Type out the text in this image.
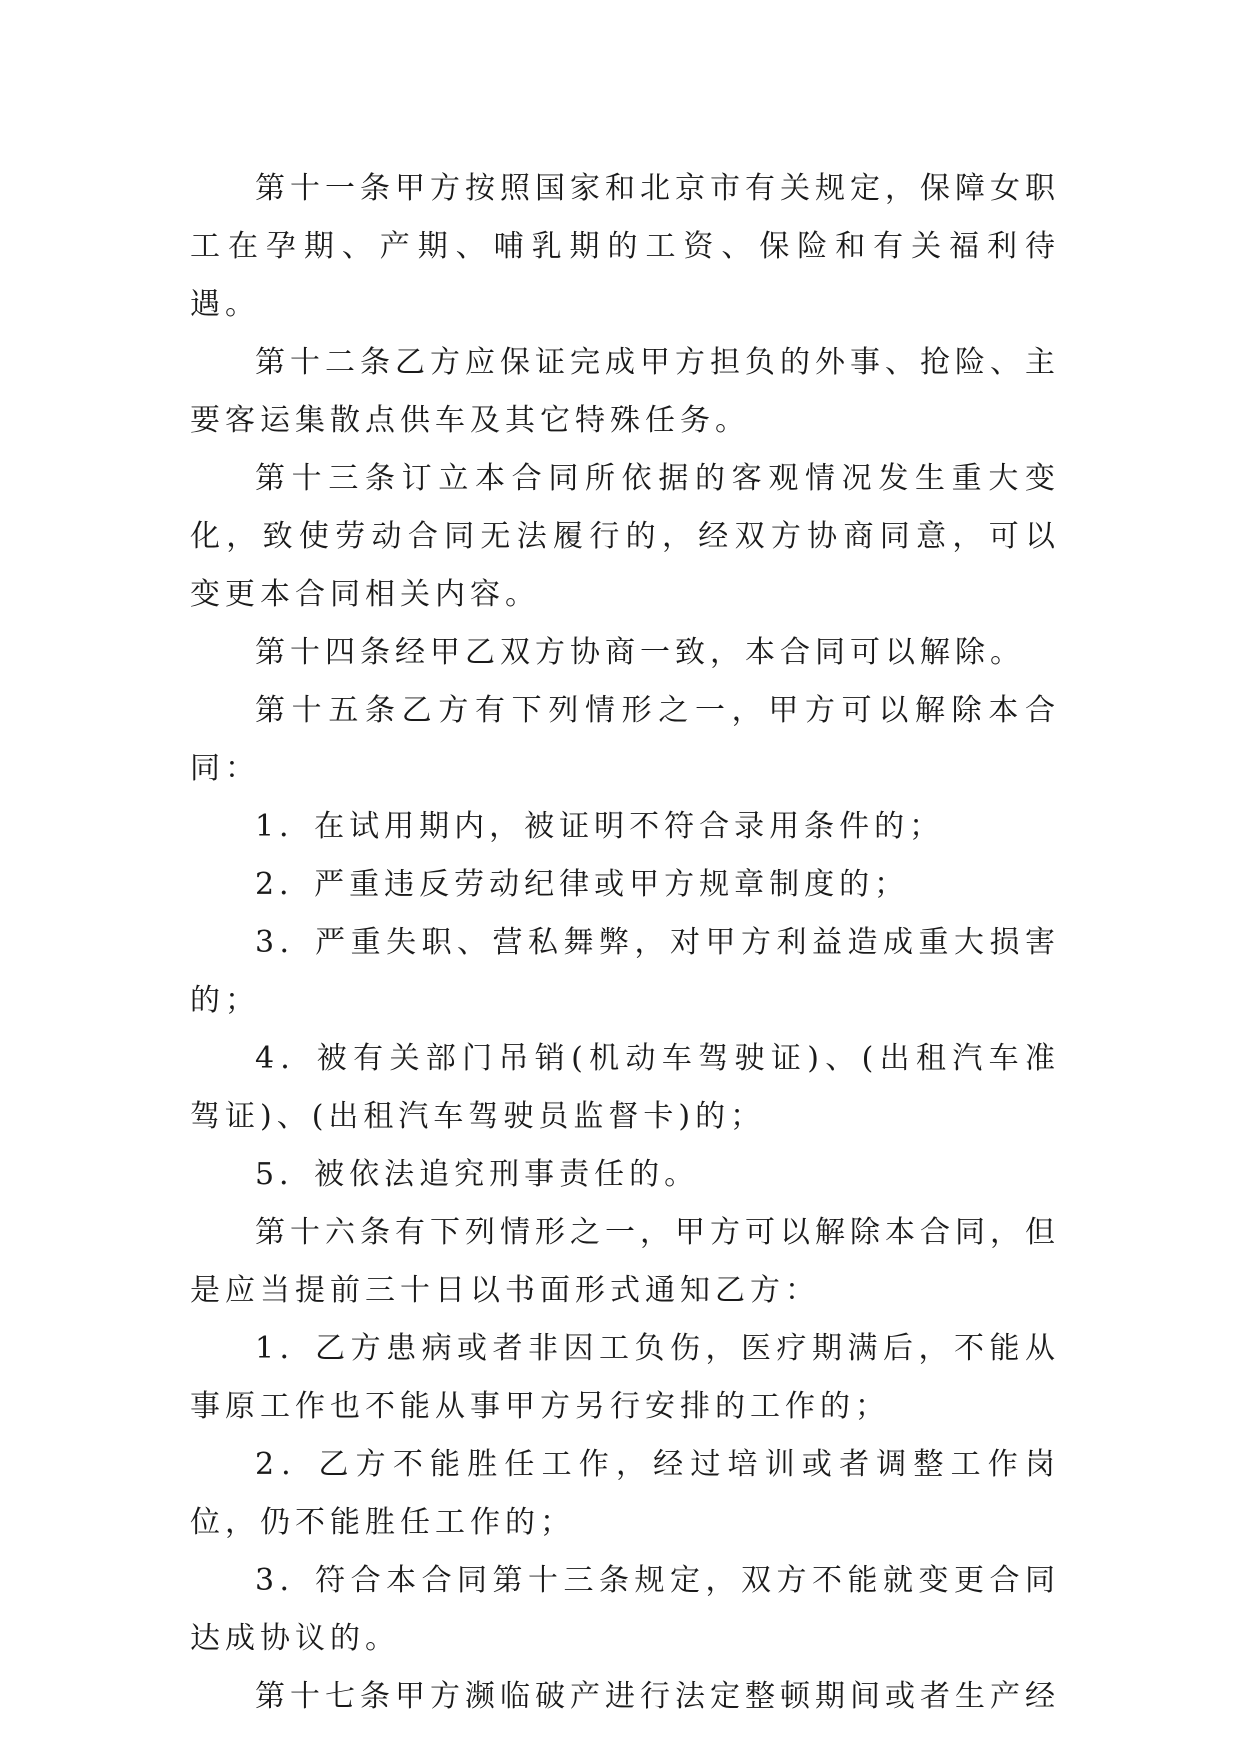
第十一条甲方按照国家和北京市有关规定，保障女职工在孕期、产期、哺乳期的工资、保险和有关福利待遇。

第十二条乙方应保证完成甲方担负的外事、抢险、主要客运集散点供车及其它特殊任务。

第十三条订立本合同所依据的客观情况发生重大变化，致使劳动合同无法履行的，经双方协商同意，可以变更本合同相关内容。

第十四条经甲乙双方协商一致，本合同可以解除。

第十五条乙方有下列情形之一，甲方可以解除本合同：

1．在试用期内，被证明不符合录用条件的；

2．严重违反劳动纪律或甲方规章制度的；

3．严重失职、营私舞弊，对甲方利益造成重大损害的；

4．被有关部门吊销(机动车驾驶证)、(出租汽车准驾证)、(出租汽车驾驶员监督卡)的；

5．被依法追究刑事责任的。

第十六条有下列情形之一，甲方可以解除本合同，但是应当提前三十日以书面形式通知乙方：

1．乙方患病或者非因工负伤，医疗期满后，不能从事原工作也不能从事甲方另行安排的工作的；

2．乙方不能胜任工作，经过培训或者调整工作岗位，仍不能胜任工作的；

3．符合本合同第十三条规定，双方不能就变更合同达成协议的。

第十七条甲方濒临破产进行法定整顿期间或者生产经
